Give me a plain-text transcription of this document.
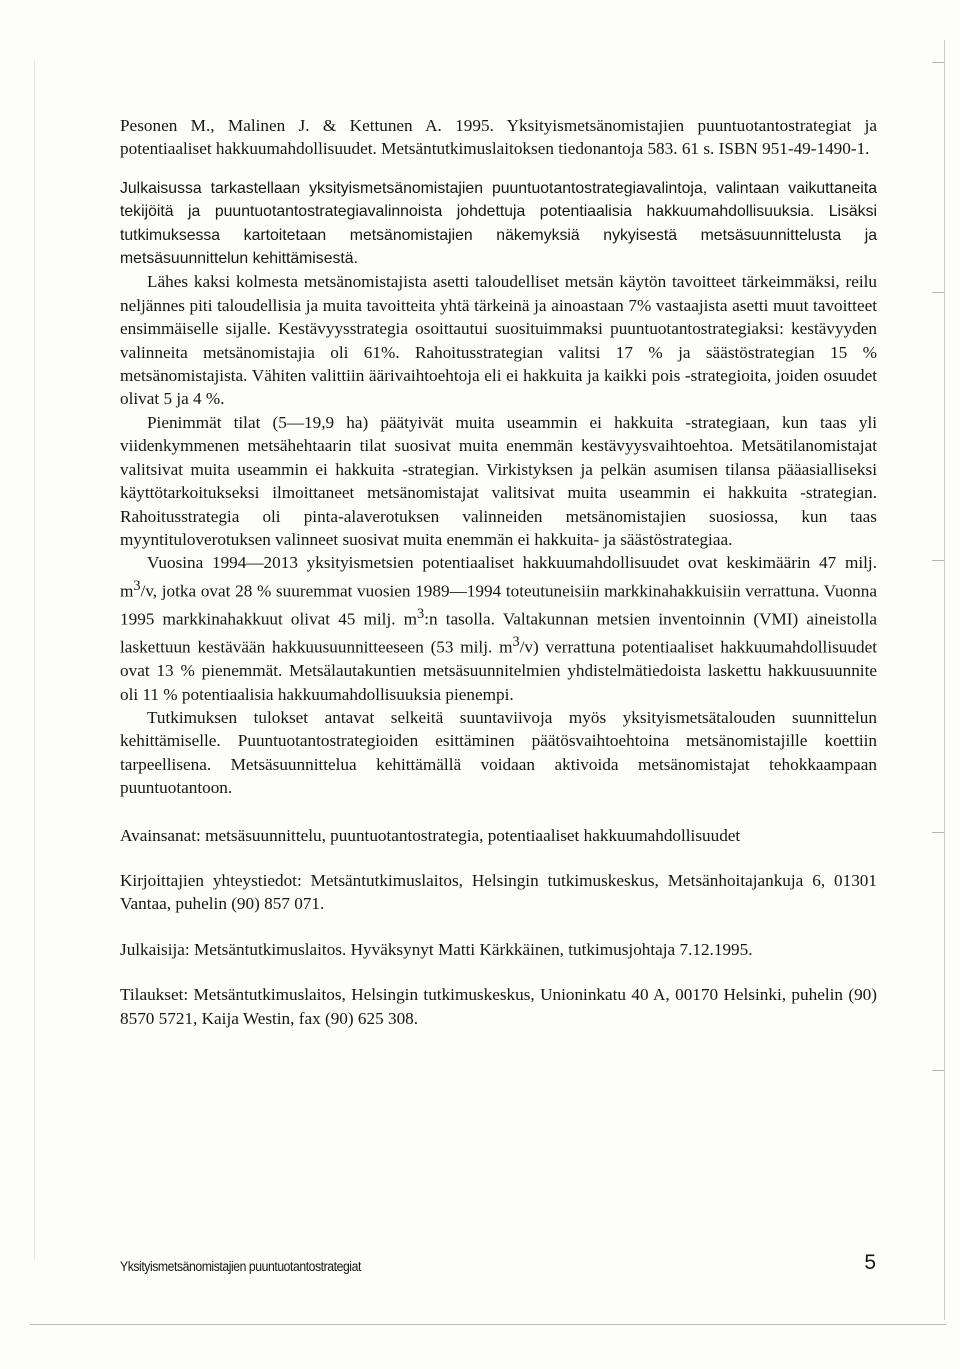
Pesonen M., Malinen J. & Kettunen A. 1995. Yksityismetsänomistajien puuntuotantostrategiat ja potentiaaliset hakkuumahdollisuudet. Metsäntutkimuslaitoksen tiedonantoja 583. 61 s. ISBN 951-49-1490-1.

Julkaisussa tarkastellaan yksityismetsänomistajien puuntuotantostrategiavalintoja, valintaan vaikuttaneita tekijöitä ja puuntuotantostrategiavalinnoista johdettuja potentiaalisia hakkuumahdollisuuksia. Lisäksi tutkimuksessa kartoitetaan metsänomistajien näkemyksiä nykyisestä metsäsuunnittelusta ja metsäsuunnittelun kehittämisestä.

Lähes kaksi kolmesta metsänomistajista asetti taloudelliset metsän käytön tavoitteet tärkeimmäksi, reilu neljännes piti taloudellisia ja muita tavoitteita yhtä tärkeinä ja ainoastaan 7% vastaajista asetti muut tavoitteet ensimmäiselle sijalle. Kestävyysstrategia osoittautui suosituimmaksi puuntuotantostrategiaksi: kestävyyden valinneita metsänomistajia oli 61%. Rahoitusstrategian valitsi 17 % ja säästöstrategian 15 % metsänomistajista. Vähiten valittiin äärivaihtoehtoja eli ei hakkuita ja kaikki pois -strategioita, joiden osuudet olivat 5 ja 4 %.

Pienimmät tilat (5—19,9 ha) päätyivät muita useammin ei hakkuita -strategiaan, kun taas yli viidenkymmenen metsähehtaarin tilat suosivat muita enemmän kestävyysvaihtoehtoa. Metsätilanomistajat valitsivat muita useammin ei hakkuita -strategian. Virkistyksen ja pelkän asumisen tilansa pääasialliseksi käyttötarkoitukseksi ilmoittaneet metsänomistajat valitsivat muita useammin ei hakkuita -strategian. Rahoitusstrategia oli pinta-alaverotuksen valinneiden metsänomistajien suosiossa, kun taas myyntituloverotuksen valinneet suosivat muita enemmän ei hakkuita- ja säästöstrategiaa.

Vuosina 1994—2013 yksityismetsien potentiaaliset hakkuumahdollisuudet ovat keskimäärin 47 milj. $m^3/v$, jotka ovat 28 % suuremmat vuosien 1989—1994 toteutuneisiin markkinahakkuisiin verrattuna. Vuonna 1995 markkinahakkuut olivat 45 milj. $m^3:n$ tasolla. Valtakunnan metsien inventoinnin (VMI) aineistolla laskettuun kestävään hakkuusuunnitteeseen (53 milj. $m^3/v$) verrattuna potentiaaliset hakkuumahdollisuudet ovat 13 % pienemmät. Metsälautakuntien metsäsuunnitelmien yhdistelmätiedoista laskettu hakkuusuunnite oli 11 % potentiaalisia hakkuumahdollisuuksia pienempi.

Tutkimuksen tulokset antavat selkeitä suuntaviivoja myös yksityismetsätalouden suunnittelun kehittämiselle. Puuntuotantostrategioiden esittäminen päätösvaihtoehtoina metsänomistajille koettiin tarpeellisena. Metsäsuunnittelua kehittämällä voidaan aktivoida metsänomistajat tehokkaampaan puuntuotantoon.

Avainsanat: metsäsuunnittelu, puuntuotantostrategia, potentiaaliset hakkuumahdollisuudet

Kirjoittajien yhteystiedot: Metsäntutkimuslaitos, Helsingin tutkimuskeskus, Metsänhoitajankuja 6, 01301 Vantaa, puhelin (90) 857 071.

Julkaisija: Metsäntutkimuslaitos. Hyväksynyt Matti Kärkkäinen, tutkimusjohtaja 7.12.1995.

Tilaukset: Metsäntutkimuslaitos, Helsingin tutkimuskeskus, Unioninkatu 40 A, 00170 Helsinki, puhelin (90) 8570 5721, Kaija Westin, fax (90) 625 308.

Yksityismetsänomistajien puuntuotantostrategiat	5
